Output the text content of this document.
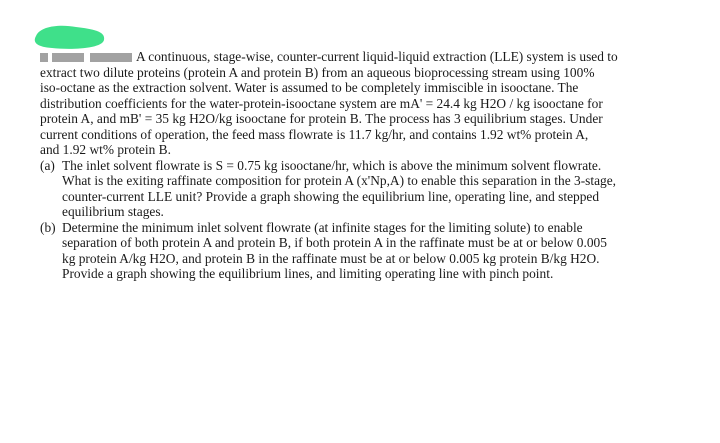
A continuous, stage-wise, counter-current liquid-liquid extraction (LLE) system is used to
extract two dilute proteins (protein A and protein B) from an aqueous bioprocessing stream using 100%
iso-octane as the extraction solvent. Water is assumed to be completely immiscible in isooctane. The
distribution coefficients for the water-protein-isooctane system are mA' = 24.4 kg H2O / kg isooctane for
protein A, and mB' = 35 kg H2O/kg isooctane for protein B. The process has 3 equilibrium stages. Under
current conditions of operation, the feed mass flowrate is 11.7 kg/hr, and contains 1.92 wt% protein A,
and 1.92 wt% protein B.
(a) The inlet solvent flowrate is S = 0.75 kg isooctane/hr, which is above the minimum solvent flowrate.
What is the exiting raffinate composition for protein A (x'Np,A) to enable this separation in the 3-stage,
counter-current LLE unit? Provide a graph showing the equilibrium line, operating line, and stepped
equilibrium stages.
(b) Determine the minimum inlet solvent flowrate (at infinite stages for the limiting solute) to enable
separation of both protein A and protein B, if both protein A in the raffinate must be at or below 0.005
kg protein A/kg H2O, and protein B in the raffinate must be at or below 0.005 kg protein B/kg H2O.
Provide a graph showing the equilibrium lines, and limiting operating line with pinch point.
